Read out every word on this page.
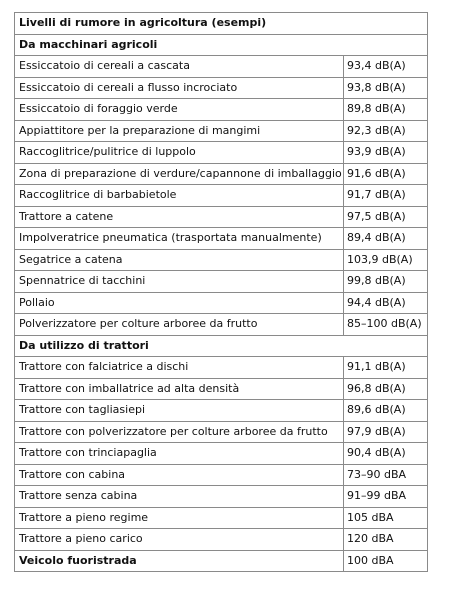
Livelli di rumore in agricoltura (esempi)	
Da macchinari agricoli	
Essiccatoio di cereali a cascata	93,4 dB(A)
Essiccatoio di cereali a flusso incrociato	93,8 dB(A)
Essiccatoio di foraggio verde	89,8 dB(A)
Appiattitore per la preparazione di mangimi	92,3 dB(A)
Raccoglitrice/pulitrice di luppolo	93,9 dB(A)
Zona di preparazione di verdure/capannone di imballaggio	91,6 dB(A)
Raccoglitrice di barbabietole	91,7 dB(A)
Trattore a catene	97,5 dB(A)
Impolveratrice pneumatica (trasportata manualmente)	89,4 dB(A)
Segatrice a catena	103,9 dB(A)
Spennatrice di tacchini	99,8 dB(A)
Pollaio	94,4 dB(A)
Polverizzatore per colture arboree da frutto	85–100 dB(A)
Da utilizzo di trattori	
Trattore con falciatrice a dischi	91,1 dB(A)
Trattore con imballatrice ad alta densità	96,8 dB(A)
Trattore con tagliasiepi	89,6 dB(A)
Trattore con polverizzatore per colture arboree da frutto	97,9 dB(A)
Trattore con trinciapaglia	90,4 dB(A)
Trattore con cabina	73–90 dBA
Trattore senza cabina	91–99 dBA
Trattore a pieno regime	105 dBA
Trattore a pieno carico	120 dBA
Veicolo fuoristrada	100 dBA
